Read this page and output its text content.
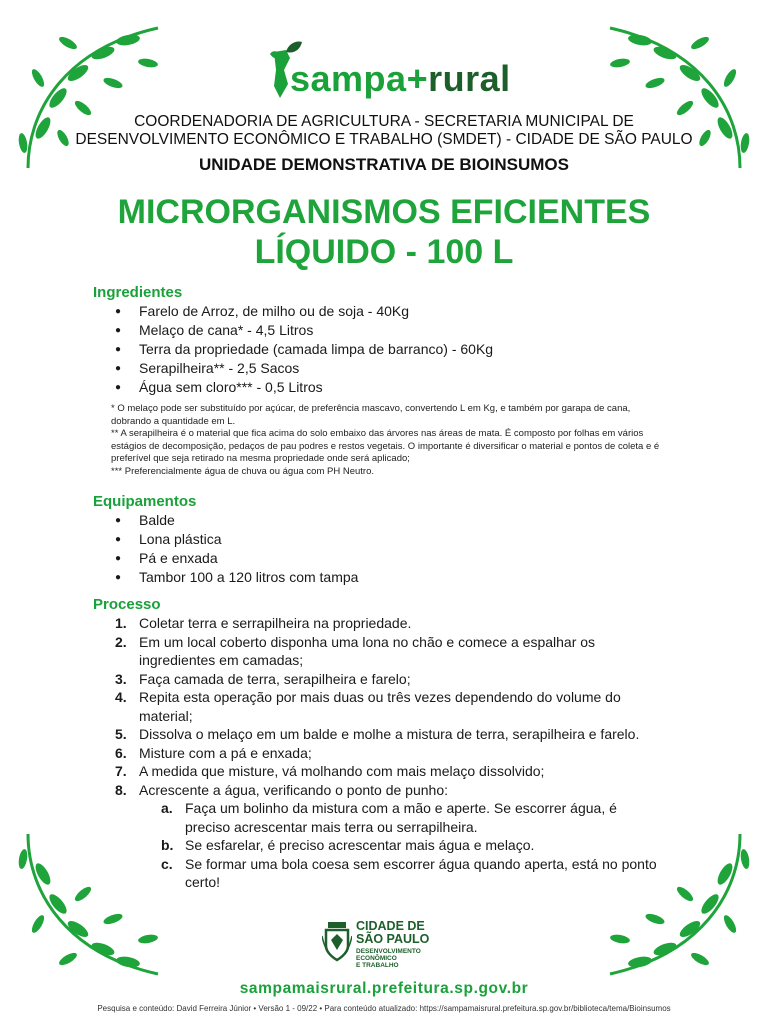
sampa+rural
COORDENADORIA DE AGRICULTURA - SECRETARIA MUNICIPAL DE
DESENVOLVIMENTO ECONÔMICO E TRABALHO (SMDET) - CIDADE DE SÃO PAULO
UNIDADE DEMONSTRATIVA DE BIOINSUMOS
MICRORGANISMOS EFICIENTES
LÍQUIDO - 100 L
Ingredientes
● Farelo de Arroz, de milho ou de soja - 40Kg
● Melaço de cana* - 4,5 Litros
● Terra da propriedade (camada limpa de barranco) - 60Kg
● Serapilheira** - 2,5 Sacos
● Água sem cloro*** - 0,5 Litros

* O melaço pode ser substituído por açúcar, de preferência mascavo, convertendo L em Kg, e também por garapa de cana, dobrando a quantidade em L.

** A serapilheira é o material que fica acima do solo embaixo das árvores nas áreas de mata. É composto por folhas em vários estágios de decomposição, pedaços de pau podres e restos vegetais. O importante é diversificar o material e pontos de coleta e é preferível que seja retirado na mesma propriedade onde será aplicado;

*** Preferencialmente água de chuva ou água com PH Neutro.

Equipamentos
● Balde
● Lona plástica
● Pá e enxada
● Tambor 100 a 120 litros com tampa
Processo
1. Coletar terra e serrapilheira na propriedade.
2. Em um local coberto disponha uma lona no chão e comece a espalhar os ingredientes em camadas;
3. Faça camada de terra, serapilheira e farelo;
4. Repita esta operação por mais duas ou três vezes dependendo do volume do material;
5. Dissolva o melaço em um balde e molhe a mistura de terra, serapilheira e farelo.
6. Misture com a pá e enxada;
7. A medida que misture, vá molhando com mais melaço dissolvido;
8. Acrescente a água, verificando o ponto de punho:
a. Faça um bolinho da mistura com a mão e aperte. Se escorrer água, é preciso acrescentar mais terra ou serrapilheira.
b. Se esfarelar, é preciso acrescentar mais água e melaço.
c. Se formar uma bola coesa sem escorrer água quando aperta, está no ponto certo!
CIDADE DE
SÃO PAULO
DESENVOLVIMENTO
ECONÔMICO
E TRABALHO
sampamaisrural.prefeitura.sp.gov.br
Pesquisa e conteúdo: David Ferreira Júnior • Versão 1 - 09/22 • Para conteúdo atualizado: https://sampamaisrural.prefeitura.sp.gov.br/biblioteca/tema/Bioinsumos
